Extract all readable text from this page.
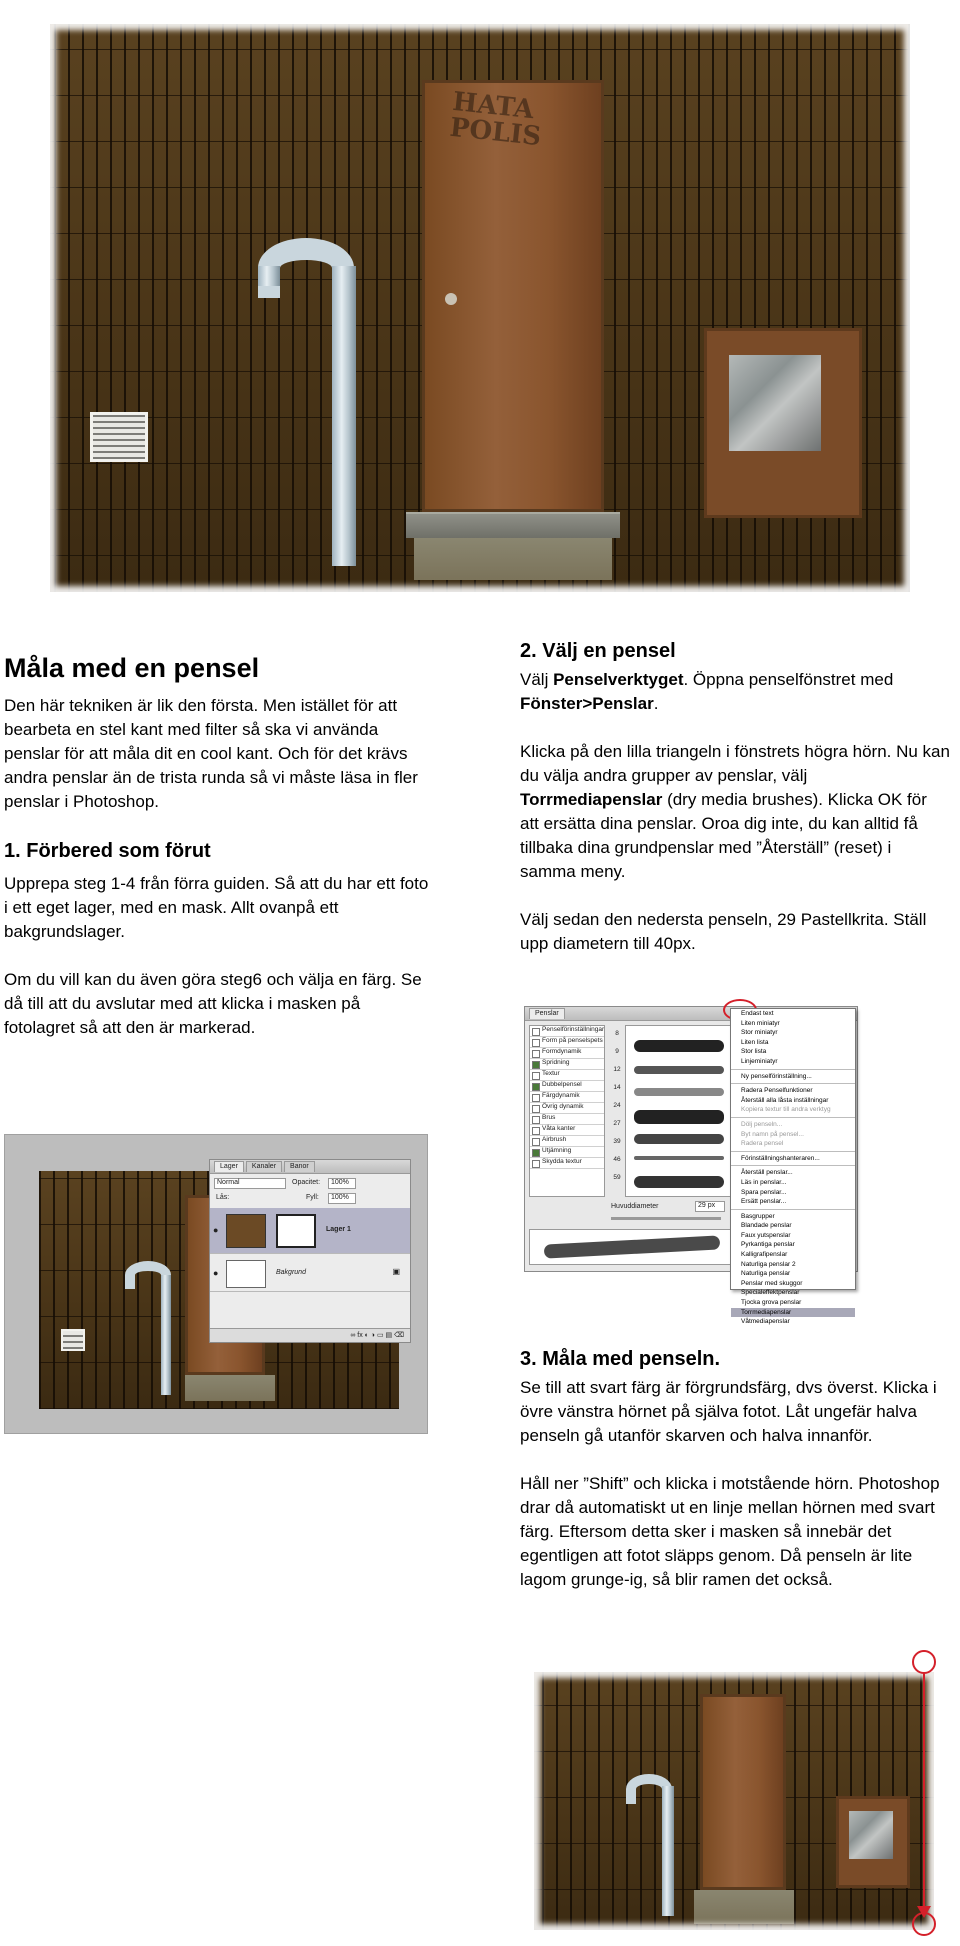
HATA POLIS
Måla med en pensel
Den här tekniken är lik den första. Men istället för att bearbeta en stel kant med filter så ska vi använda penslar för att måla dit en cool kant. Och för det krävs andra penslar än de trista runda så vi måste läsa in fler penslar i Photoshop.
1. Förbered som förut
Upprepa steg 1-4 från förra guiden. Så att du har ett foto i ett eget lager, med en mask. Allt ovanpå ett bakgrundslager.
Om du vill kan du även göra steg6 och välja en färg. Se då till att du avslutar med att klicka i masken på fotolagret så att den är markerad.
Lager	Kanaler	Banor
Normal	Opacitet:	100%
Lås:	Fyll:	100%
●	Lager 1
●	Bakgrund	▣
∞ fx ◐ ◑ ▭ ▤ ⌫
2. Välj en pensel
Välj Penselverktyget. Öppna penselfönstret med Fönster>Penslar.
Klicka på den lilla triangeln i fönstrets högra hörn. Nu kan du välja andra grupper av penslar, välj Torrmediapenslar (dry media brushes). Klicka OK för att ersätta dina penslar. Oroa dig inte, du kan alltid få tillbaka dina grundpenslar med ”Återställ” (reset) i samma meny.
Välj sedan den nedersta penseln, 29 Pastellkrita. Ställ upp diametern till 40px.
Penslar
Penselförinställningar
Form på penselspets
Formdynamik
Spridning
Textur
Dubbelpensel
Färgdynamik
Övrig dynamik
Brus
Våta kanter
Airbrush
Utjämning
Skydda textur
8
9
12
14
24
27
39
46
59
Huvuddiameter	29 px
Endast text
Liten miniatyr
Stor miniatyr
Liten lista
Stor lista
Linjeminiatyr
Ny penselförinställning...
Radera Penselfunktioner
Återställ alla låsta inställningar
Kopiera textur till andra verktyg
Dölj penseln...
Byt namn på pensel...
Radera pensel
Förinställningshanteraren...
Återställ penslar...
Läs in penslar...
Spara penslar...
Ersätt penslar...
Basgrupper
Blandade penslar
Faux yutspenslar
Pyrkantiga penslar
Kalligrafipenslar
Naturliga penslar 2
Naturliga penslar
Penslar med skuggor
Specialeffektpenslar
Tjocka grova penslar
Torrmediapenslar
Våtmediapenslar
3. Måla med penseln.
Se till att svart färg är förgrundsfärg, dvs överst. Klicka i övre vänstra hörnet på själva fotot. Låt ungefär halva penseln gå utanför skarven och halva innanför.
Håll ner ”Shift” och klicka i motstående hörn. Photoshop drar då automatiskt ut en linje mellan hörnen med svart färg. Eftersom detta sker i masken så innebär det egentligen att fotot släpps genom. Då penseln är lite lagom grunge-ig, så blir ramen det också.
